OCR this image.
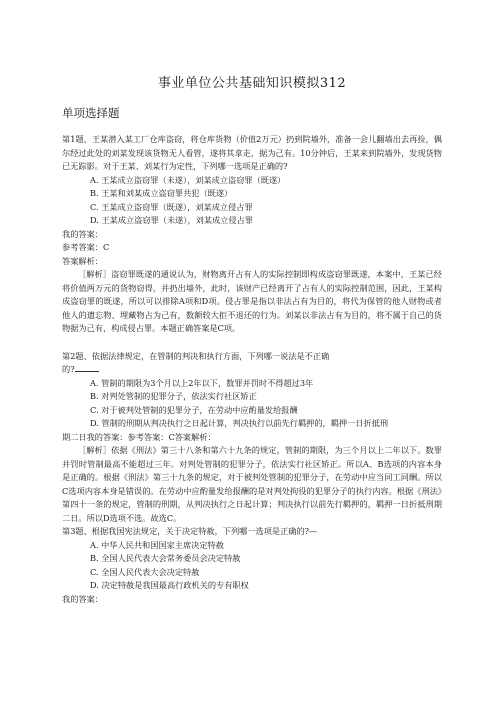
事业单位公共基础知识模拟312
单项选择题

第1题、王某潜入某工厂仓库盗窃，将仓库货物（价值2万元）扔到院墙外，准备一会儿翻墙出去再捡，偶尔经过此处的刘某发现该货物无人看管，遂将其拿走，据为己有。10分钟后，王某来到院墙外，发现货物已无踪影。对于王某、刘某行为定性，下列哪一选项是正确的?

A. 王某成立盗窃罪（未遂），刘某成立盗窃罪（既遂）

B. 王某和刘某成立盗窃罪共犯（既遂）

C. 王某成立盗窃罪（既遂），刘某成立侵占罪

D. 王某成立盗窃罪（未遂），刘某成立侵占罪

我的答案：

参考答案：C

答案解析：

［解析］盗窃罪既遂的通说认为，财物离开占有人的实际控制即构成盗窃罪既遂，本案中，王某已经将价值两万元的货物窃得，并扔出墙外，此时，该财产已经离开了占有人的实际控制范围，因此，王某构成盗窃罪的既遂，所以可以排除A项和D项。侵占罪是指以非法占有为目的，将代为保管的他人财物或者他人的遗忘物、埋藏物占为己有，数额较大拒不退还的行为。刘某以非法占有为目的，将不属于自己的货物据为己有，构成侵占罪。本题正确答案是C项。

第2题、依据法律规定，在管制的判决和执行方面，下列哪一说法是不正确

的?

A. 管制的期限为3个月以上2年以下，数罪并罚时不得超过3年

B. 对判处管制的犯罪分子，依法实行社区矫正

C. 对于被判处管制的犯罪分子，在劳动中应酌量发给报酬

D. 管制的刑期从判决执行之日起计算，判决执行以前先行羁押的，羁押一日折抵刑

期二日我的答案：参考答案：C答案解析：

［解析］依据《刑法》第三十八条和第六十九条的规定，管制的期限，为三个月以上二年以下。数罪并罚时管制最高不能超过三年。对判处管制的犯罪分子，依法实行社区矫正。所以A、B选项的内容本身是正确的。根据《刑法》第三十九条的规定，对于被判处管制的犯罪分子，在劳动中应当同工同酬。所以C选项内容本身是错误的。在劳动中应酌量发给报酬的是对判处拘役的犯罪分子的执行内容。根据《刑法》第四十一条的规定，管制的刑期，从判决执行之日起计算；判决执行以前先行羁押的，羁押一日折抵刑期二日。所以D选项不选。故选C。

第3题、根据我国宪法规定，关于决定特赦，下列哪一选项是正确的?—

A. 中华人民共和国国家主席决定特赦

B. 全国人民代表大会常务委员会决定特赦

C. 全国人民代表大会决定特赦

D. 决定特赦是我国最高行政机关的专有职权

我的答案：
